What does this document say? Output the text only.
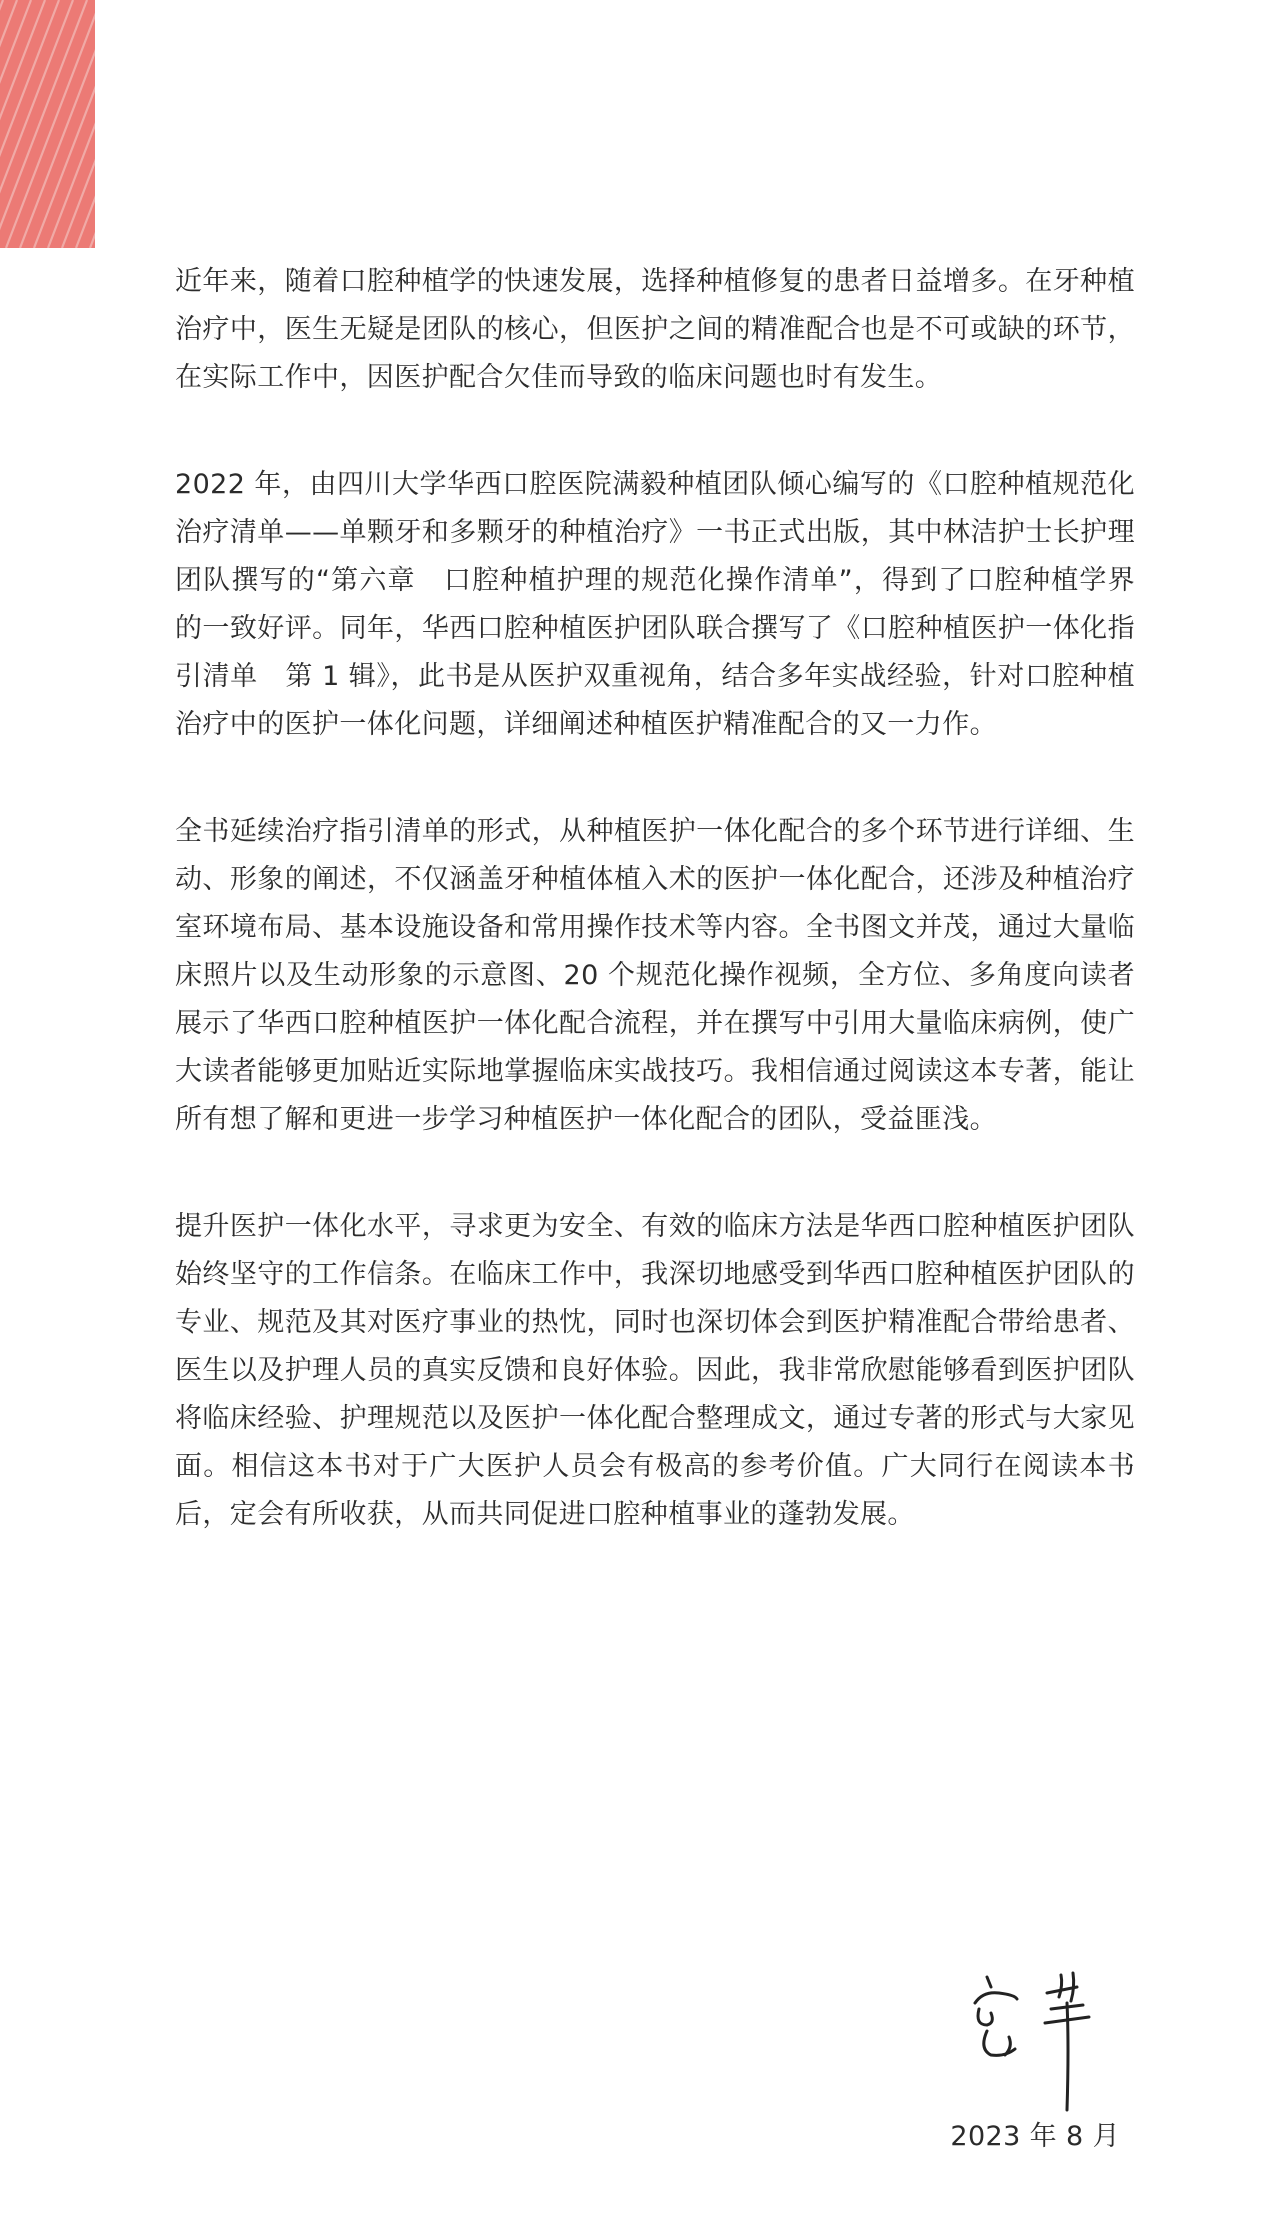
近年来，随着口腔种植学的快速发展，选择种植修复的患者日益增多。在牙种植治疗中，医生无疑是团队的核心，但医护之间的精准配合也是不可或缺的环节，在实际工作中，因医护配合欠佳而导致的临床问题也时有发生。

2022 年，由四川大学华西口腔医院满毅种植团队倾心编写的《口腔种植规范化治疗清单——单颗牙和多颗牙的种植治疗》一书正式出版，其中林洁护士长护理团队撰写的“第六章　口腔种植护理的规范化操作清单”，得到了口腔种植学界的一致好评。同年，华西口腔种植医护团队联合撰写了《口腔种植医护一体化指引清单　第 1 辑》，此书是从医护双重视角，结合多年实战经验，针对口腔种植治疗中的医护一体化问题，详细阐述种植医护精准配合的又一力作。

全书延续治疗指引清单的形式，从种植医护一体化配合的多个环节进行详细、生动、形象的阐述，不仅涵盖牙种植体植入术的医护一体化配合，还涉及种植治疗室环境布局、基本设施设备和常用操作技术等内容。全书图文并茂，通过大量临床照片以及生动形象的示意图、20 个规范化操作视频，全方位、多角度向读者展示了华西口腔种植医护一体化配合流程，并在撰写中引用大量临床病例，使广大读者能够更加贴近实际地掌握临床实战技巧。我相信通过阅读这本专著，能让所有想了解和更进一步学习种植医护一体化配合的团队，受益匪浅。

提升医护一体化水平，寻求更为安全、有效的临床方法是华西口腔种植医护团队始终坚守的工作信条。在临床工作中，我深切地感受到华西口腔种植医护团队的专业、规范及其对医疗事业的热忱，同时也深切体会到医护精准配合带给患者、医生以及护理人员的真实反馈和良好体验。因此，我非常欣慰能够看到医护团队将临床经验、护理规范以及医护一体化配合整理成文，通过专著的形式与大家见面。相信这本书对于广大医护人员会有极高的参考价值。广大同行在阅读本书后，定会有所收获，从而共同促进口腔种植事业的蓬勃发展。

2023 年 8 月
